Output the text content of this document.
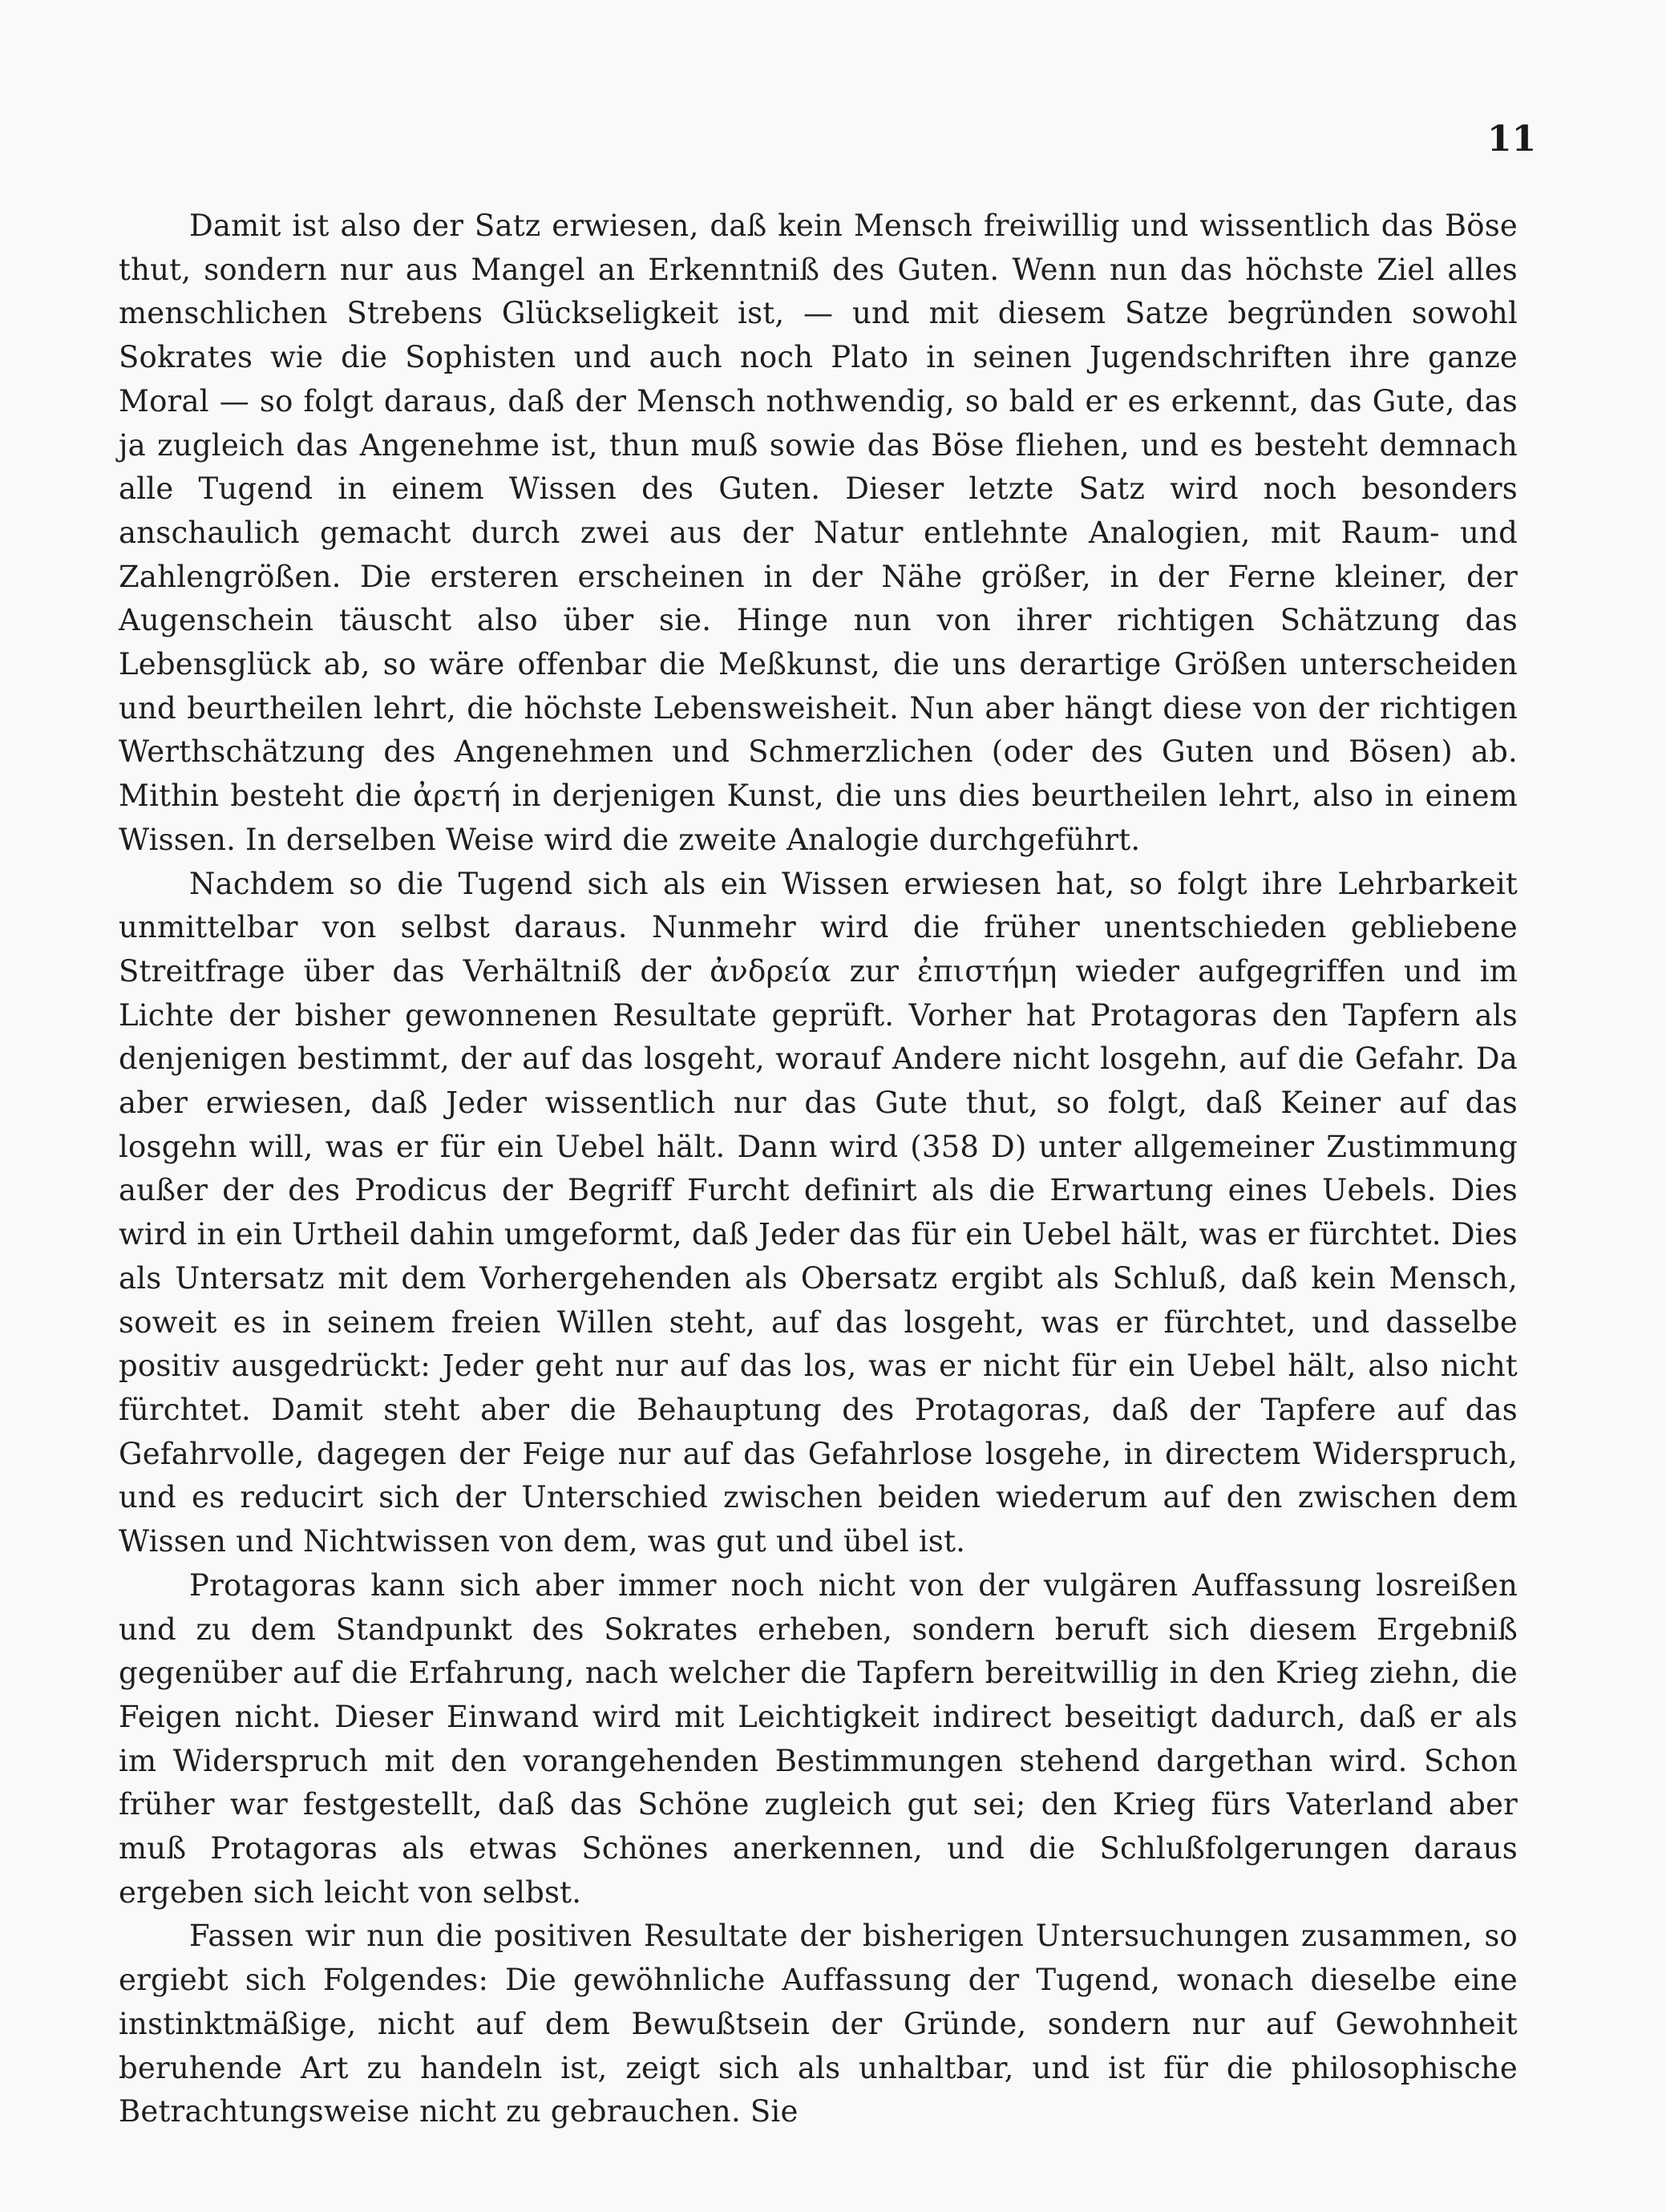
11

Damit ist also der Satz erwiesen, daß kein Mensch freiwillig und wissentlich das Böse thut, sondern nur aus Mangel an Erkenntniß des Guten. Wenn nun das höchste Ziel alles menschlichen Strebens Glückseligkeit ist, — und mit diesem Satze begründen sowohl Sokrates wie die Sophisten und auch noch Plato in seinen Jugendschriften ihre ganze Moral — so folgt daraus, daß der Mensch nothwendig, so bald er es erkennt, das Gute, das ja zugleich das Angenehme ist, thun muß sowie das Böse fliehen, und es besteht demnach alle Tugend in einem Wissen des Guten. Dieser letzte Satz wird noch besonders anschaulich gemacht durch zwei aus der Natur entlehnte Analogien, mit Raum- und Zahlengrößen. Die ersteren erscheinen in der Nähe größer, in der Ferne kleiner, der Augenschein täuscht also über sie. Hinge nun von ihrer richtigen Schätzung das Lebensglück ab, so wäre offenbar die Meßkunst, die uns derartige Größen unterscheiden und beurtheilen lehrt, die höchste Lebensweisheit. Nun aber hängt diese von der richtigen Werthschätzung des Angenehmen und Schmerzlichen (oder des Guten und Bösen) ab. Mithin besteht die ἀρετή in derjenigen Kunst, die uns dies beurtheilen lehrt, also in einem Wissen. In derselben Weise wird die zweite Analogie durchgeführt.

Nachdem so die Tugend sich als ein Wissen erwiesen hat, so folgt ihre Lehrbarkeit unmittelbar von selbst daraus. Nunmehr wird die früher unentschieden gebliebene Streitfrage über das Verhältniß der ἀνδρεία zur ἐπιστήμη wieder aufgegriffen und im Lichte der bisher gewonnenen Resultate geprüft. Vorher hat Protagoras den Tapfern als denjenigen bestimmt, der auf das losgeht, worauf Andere nicht losgehn, auf die Gefahr. Da aber erwiesen, daß Jeder wissentlich nur das Gute thut, so folgt, daß Keiner auf das losgehn will, was er für ein Uebel hält. Dann wird (358 D) unter allgemeiner Zustimmung außer der des Prodicus der Begriff Furcht definirt als die Erwartung eines Uebels. Dies wird in ein Urtheil dahin umgeformt, daß Jeder das für ein Uebel hält, was er fürchtet. Dies als Untersatz mit dem Vorhergehenden als Obersatz ergibt als Schluß, daß kein Mensch, soweit es in seinem freien Willen steht, auf das losgeht, was er fürchtet, und dasselbe positiv ausgedrückt: Jeder geht nur auf das los, was er nicht für ein Uebel hält, also nicht fürchtet. Damit steht aber die Behauptung des Protagoras, daß der Tapfere auf das Gefahrvolle, dagegen der Feige nur auf das Gefahrlose losgehe, in directem Widerspruch, und es reducirt sich der Unterschied zwischen beiden wiederum auf den zwischen dem Wissen und Nichtwissen von dem, was gut und übel ist.

Protagoras kann sich aber immer noch nicht von der vulgären Auffassung losreißen und zu dem Standpunkt des Sokrates erheben, sondern beruft sich diesem Ergebniß gegenüber auf die Erfahrung, nach welcher die Tapfern bereitwillig in den Krieg ziehn, die Feigen nicht. Dieser Einwand wird mit Leichtigkeit indirect beseitigt dadurch, daß er als im Widerspruch mit den vorangehenden Bestimmungen stehend dargethan wird. Schon früher war festgestellt, daß das Schöne zugleich gut sei; den Krieg fürs Vaterland aber muß Protagoras als etwas Schönes anerkennen, und die Schlußfolgerungen daraus ergeben sich leicht von selbst.

Fassen wir nun die positiven Resultate der bisherigen Untersuchungen zusammen, so ergiebt sich Folgendes: Die gewöhnliche Auffassung der Tugend, wonach dieselbe eine instinktmäßige, nicht auf dem Bewußtsein der Gründe, sondern nur auf Gewohnheit beruhende Art zu handeln ist, zeigt sich als unhaltbar, und ist für die philosophische Betrachtungsweise nicht zu gebrauchen. Sie
